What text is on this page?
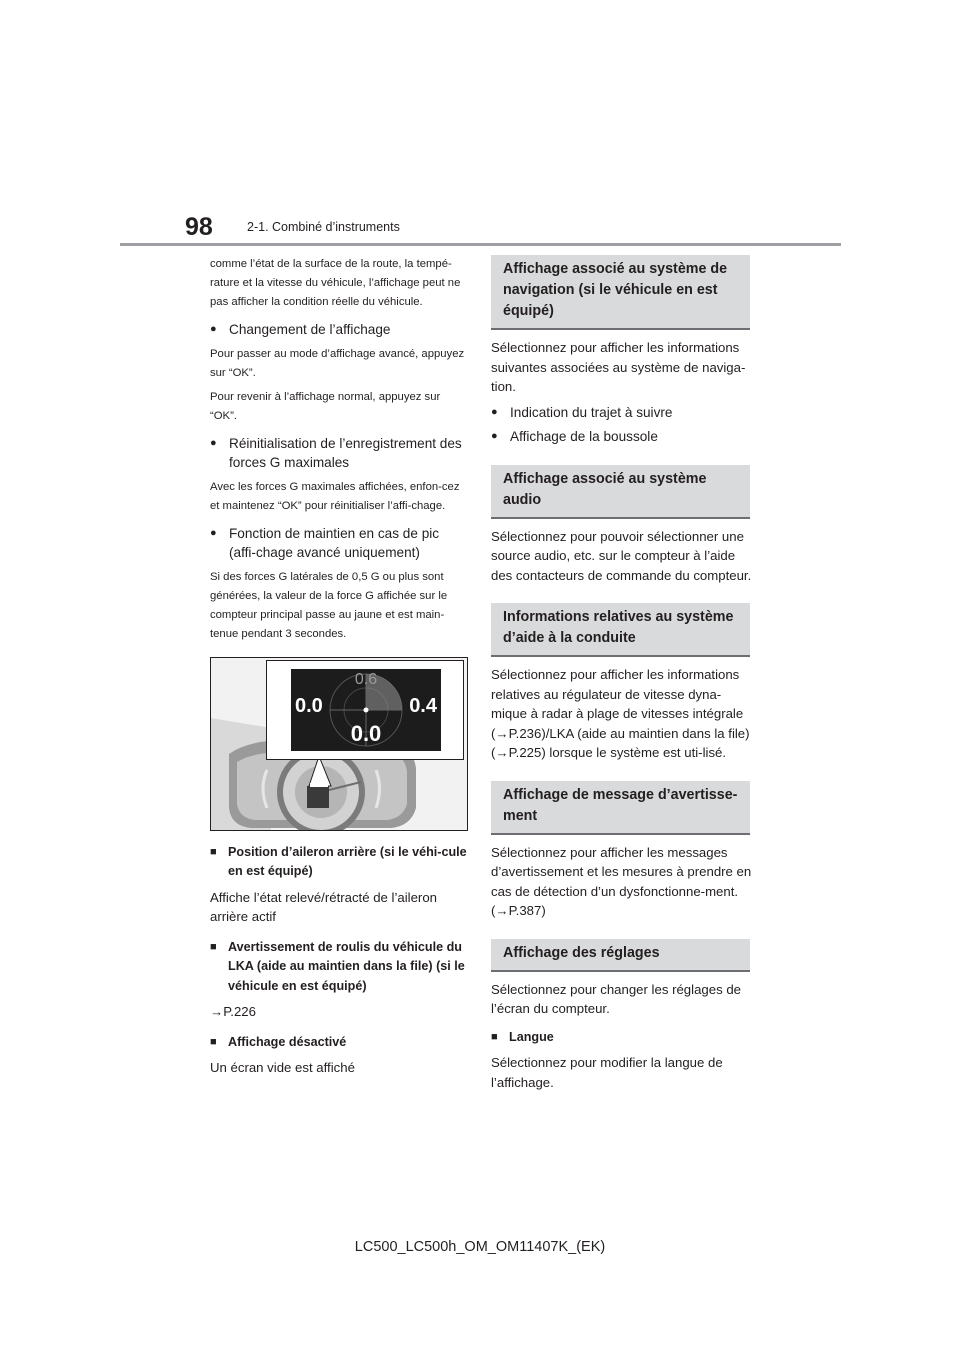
98	2-1. Combiné d’instruments

comme l’état de la surface de la route, la tempé-rature et la vitesse du véhicule, l’affichage peut ne pas afficher la condition réelle du véhicule.

● Changement de l’affichage

Pour passer au mode d’affichage avancé, appuyez sur “OK”.

Pour revenir à l’affichage normal, appuyez sur “OK”.

● Réinitialisation de l’enregistrement des forces G maximales

Avec les forces G maximales affichées, enfon-cez et maintenez “OK” pour réinitialiser l’affi-chage.

● Fonction de maintien en cas de pic (affi-chage avancé uniquement)

Si des forces G latérales de 0,5 G ou plus sont générées, la valeur de la force G affichée sur le compteur principal passe au jaune et est main-tenue pendant 3 secondes.

0.6
0.0	0.4
0.0

■ Position d’aileron arrière (si le véhi-cule en est équipé)

Affiche l’état relevé/rétracté de l’aileron arrière actif

■ Avertissement de roulis du véhicule du LKA (aide au maintien dans la file) (si le véhicule en est équipé)

→P.226

■ Affichage désactivé

Un écran vide est affiché

Affichage associé au système de navigation (si le véhicule en est équipé)

Sélectionnez pour afficher les informations suivantes associées au système de naviga-tion.

● Indication du trajet à suivre

● Affichage de la boussole

Affichage associé au système audio

Sélectionnez pour pouvoir sélectionner une source audio, etc. sur le compteur à l’aide des contacteurs de commande du compteur.

Informations relatives au système d’aide à la conduite

Sélectionnez pour afficher les informations relatives au régulateur de vitesse dyna-mique à radar à plage de vitesses intégrale (→P.236)/LKA (aide au maintien dans la file) (→P.225) lorsque le système est uti-lisé.

Affichage de message d’avertisse-ment

Sélectionnez pour afficher les messages d’avertissement et les mesures à prendre en cas de détection d’un dysfonctionne-ment. (→P.387)

Affichage des réglages

Sélectionnez pour changer les réglages de l’écran du compteur.

■ Langue

Sélectionnez pour modifier la langue de l’affichage.

LC500_LC500h_OM_OM11407K_(EK)
